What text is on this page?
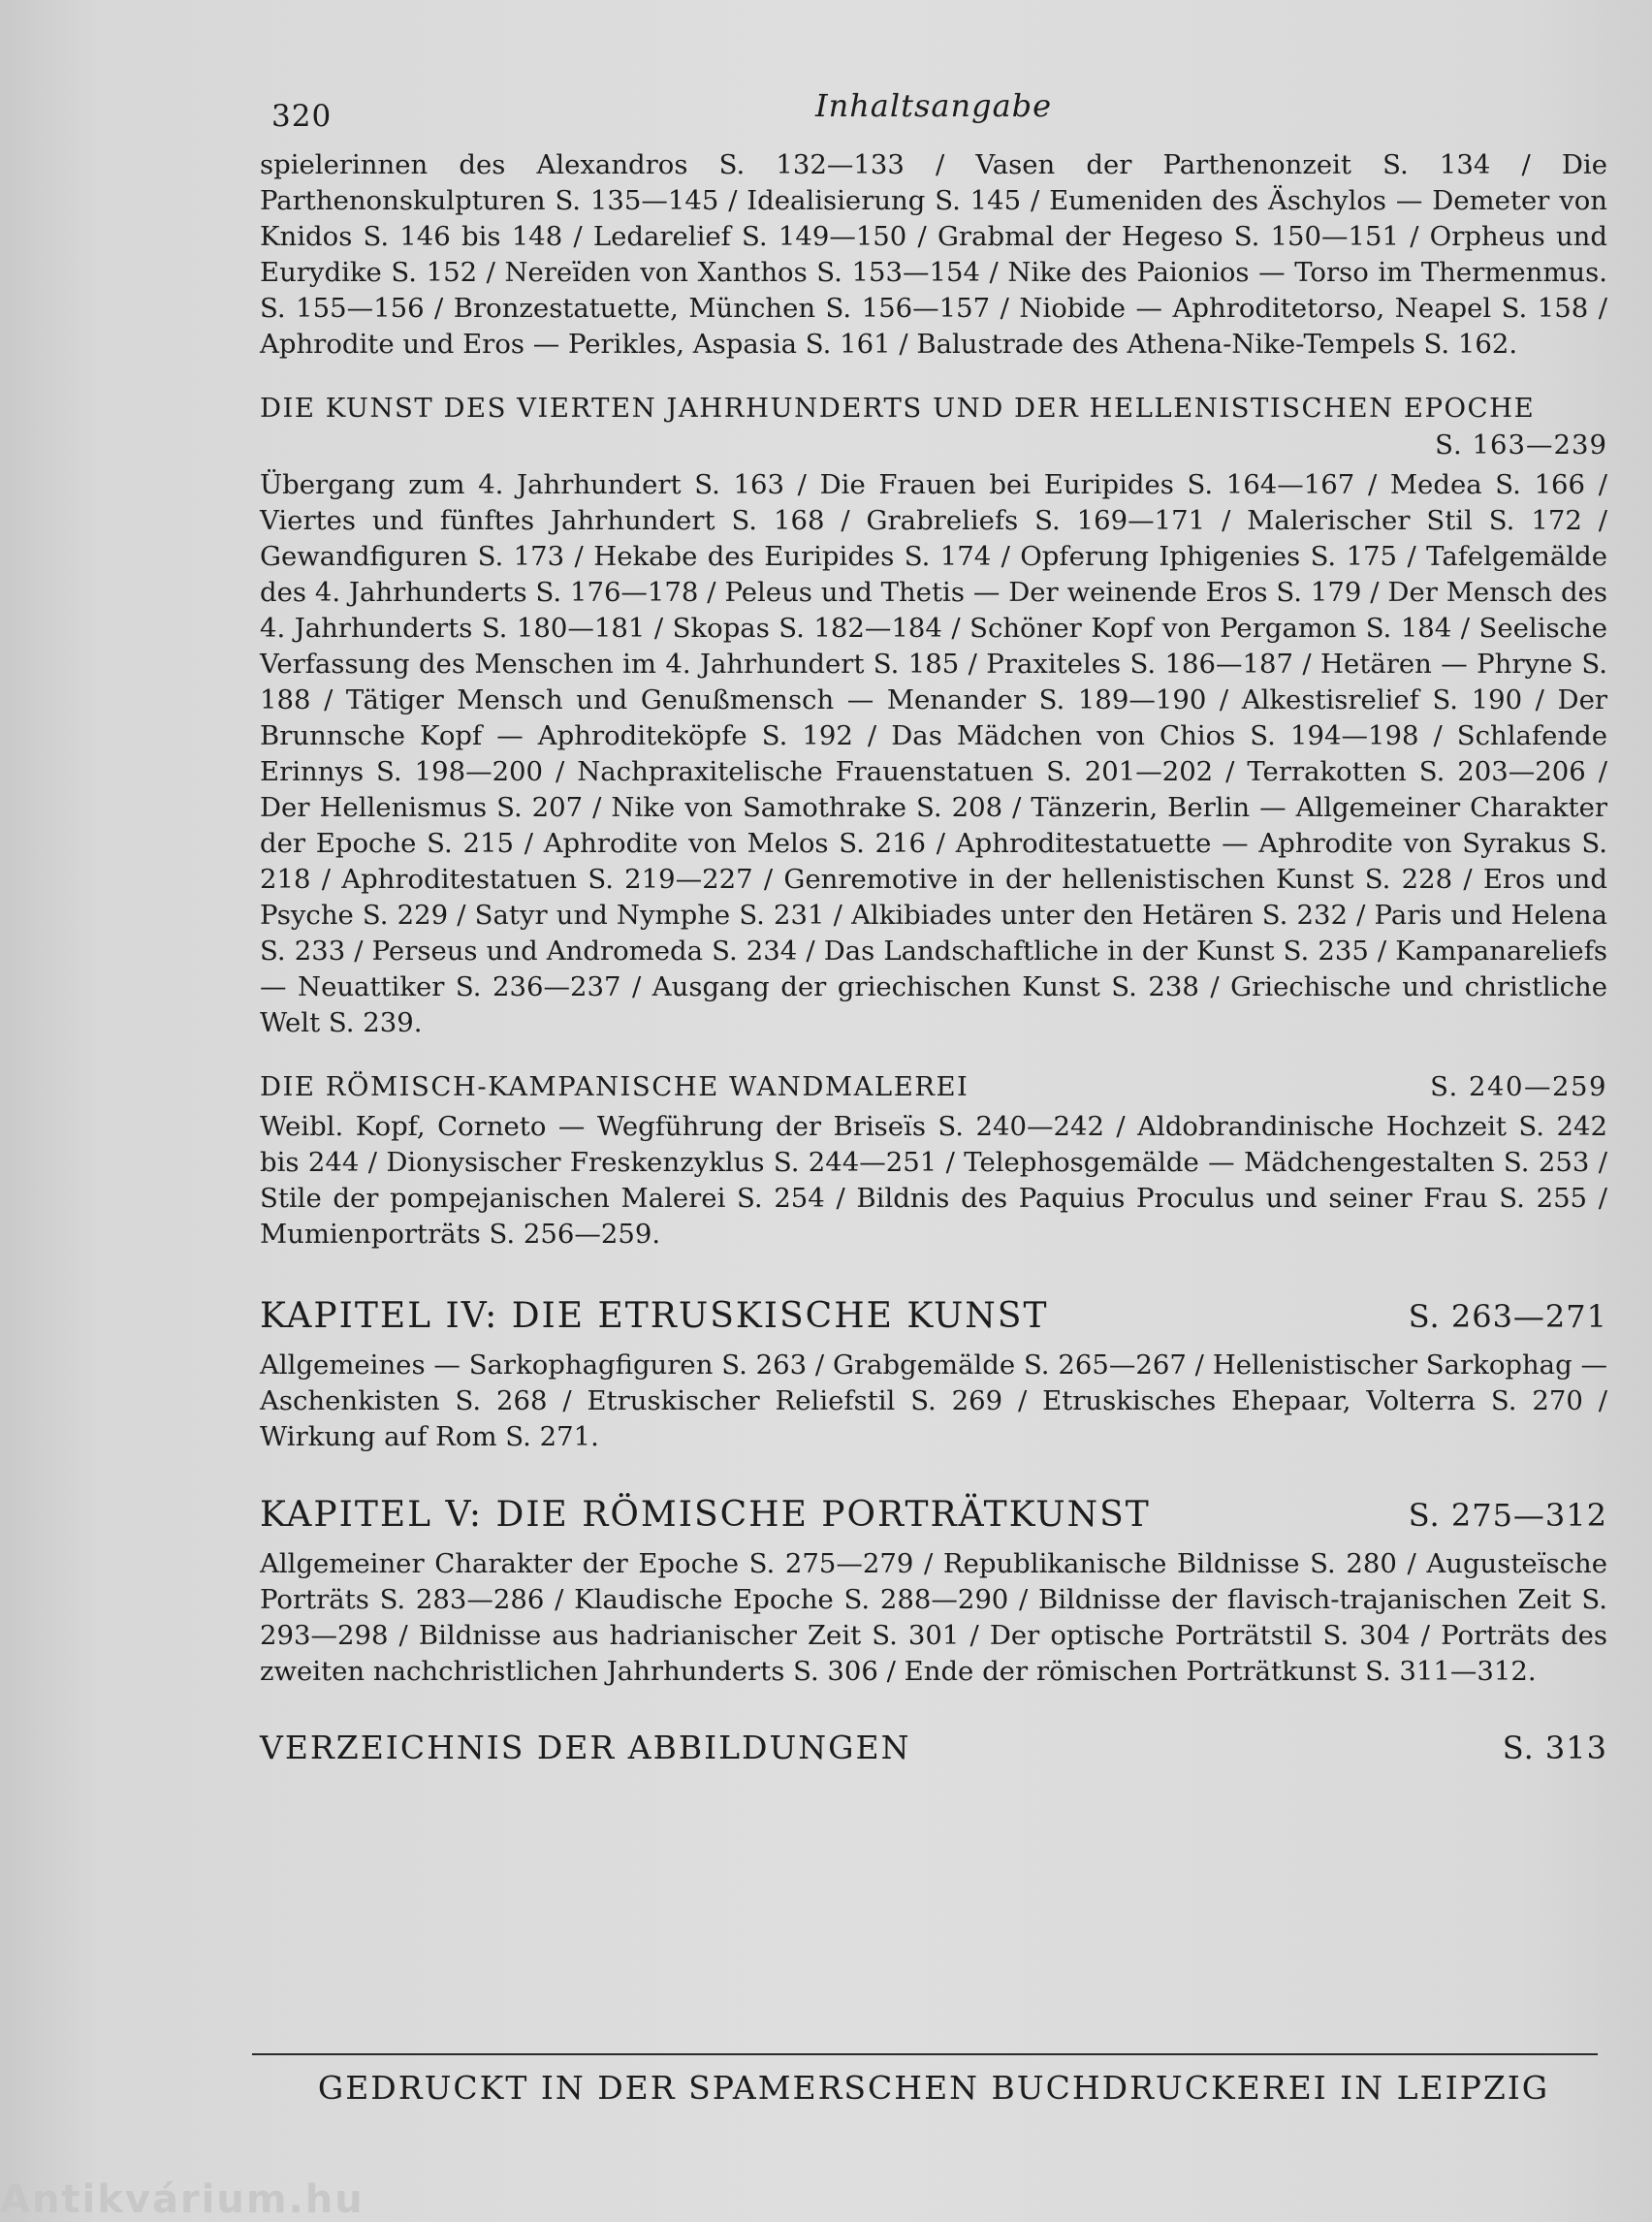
320	Inhaltsangabe

spielerinnen des Alexandros S. 132—133 / Vasen der Parthenonzeit S. 134 / Die Parthenonskulpturen S. 135—145 / Idealisierung S. 145 / Eumeniden des Äschylos — Demeter von Knidos S. 146 bis 148 / Ledarelief S. 149—150 / Grabmal der Hegeso S. 150—151 / Orpheus und Eurydike S. 152 / Nereïden von Xanthos S. 153—154 / Nike des Paionios — Torso im Thermenmus. S. 155—156 / Bronzestatuette, München S. 156—157 / Niobide — Aphroditetorso, Neapel S. 158 / Aphrodite und Eros — Perikles, Aspasia S. 161 / Balustrade des Athena-Nike-Tempels S. 162.

DIE KUNST DES VIERTEN JAHRHUNDERTS UND DER HELLENISTISCHEN EPOCHE
S. 163—239

Übergang zum 4. Jahrhundert S. 163 / Die Frauen bei Euripides S. 164—167 / Medea S. 166 / Viertes und fünftes Jahrhundert S. 168 / Grabreliefs S. 169—171 / Malerischer Stil S. 172 / Gewandfiguren S. 173 / Hekabe des Euripides S. 174 / Opferung Iphigenies S. 175 / Tafelgemälde des 4. Jahrhunderts S. 176—178 / Peleus und Thetis — Der weinende Eros S. 179 / Der Mensch des 4. Jahrhunderts S. 180—181 / Skopas S. 182—184 / Schöner Kopf von Pergamon S. 184 / Seelische Verfassung des Menschen im 4. Jahrhundert S. 185 / Praxiteles S. 186—187 / Hetären — Phryne S. 188 / Tätiger Mensch und Genußmensch — Menander S. 189—190 / Alkestisrelief S. 190 / Der Brunnsche Kopf — Aphroditeköpfe S. 192 / Das Mädchen von Chios S. 194—198 / Schlafende Erinnys S. 198—200 / Nachpraxitelische Frauenstatuen S. 201—202 / Terrakotten S. 203—206 / Der Hellenismus S. 207 / Nike von Samothrake S. 208 / Tänzerin, Berlin — Allgemeiner Charakter der Epoche S. 215 / Aphrodite von Melos S. 216 / Aphroditestatuette — Aphrodite von Syrakus S. 218 / Aphroditestatuen S. 219—227 / Genremotive in der hellenistischen Kunst S. 228 / Eros und Psyche S. 229 / Satyr und Nymphe S. 231 / Alkibiades unter den Hetären S. 232 / Paris und Helena S. 233 / Perseus und Andromeda S. 234 / Das Landschaftliche in der Kunst S. 235 / Kampanareliefs — Neuattiker S. 236—237 / Ausgang der griechischen Kunst S. 238 / Griechische und christliche Welt S. 239.

DIE RÖMISCH-KAMPANISCHE WANDMALEREI	S. 240—259

Weibl. Kopf, Corneto — Wegführung der Briseïs S. 240—242 / Aldobrandinische Hochzeit S. 242 bis 244 / Dionysischer Freskenzyklus S. 244—251 / Telephosgemälde — Mädchengestalten S. 253 / Stile der pompejanischen Malerei S. 254 / Bildnis des Paquius Proculus und seiner Frau S. 255 / Mumienporträts S. 256—259.

KAPITEL IV: DIE ETRUSKISCHE KUNST	S. 263—271

Allgemeines — Sarkophagfiguren S. 263 / Grabgemälde S. 265—267 / Hellenistischer Sarkophag — Aschenkisten S. 268 / Etruskischer Reliefstil S. 269 / Etruskisches Ehepaar, Volterra S. 270 / Wirkung auf Rom S. 271.

KAPITEL V: DIE RÖMISCHE PORTRÄTKUNST	S. 275—312

Allgemeiner Charakter der Epoche S. 275—279 / Republikanische Bildnisse S. 280 / Augusteïsche Porträts S. 283—286 / Klaudische Epoche S. 288—290 / Bildnisse der flavisch-trajanischen Zeit S. 293—298 / Bildnisse aus hadrianischer Zeit S. 301 / Der optische Porträtstil S. 304 / Porträts des zweiten nachchristlichen Jahrhunderts S. 306 / Ende der römischen Porträtkunst S. 311—312.

VERZEICHNIS DER ABBILDUNGEN	S. 313
GEDRUCKT IN DER SPAMERSCHEN BUCHDRUCKEREI IN LEIPZIG
Antikvárium.hu
